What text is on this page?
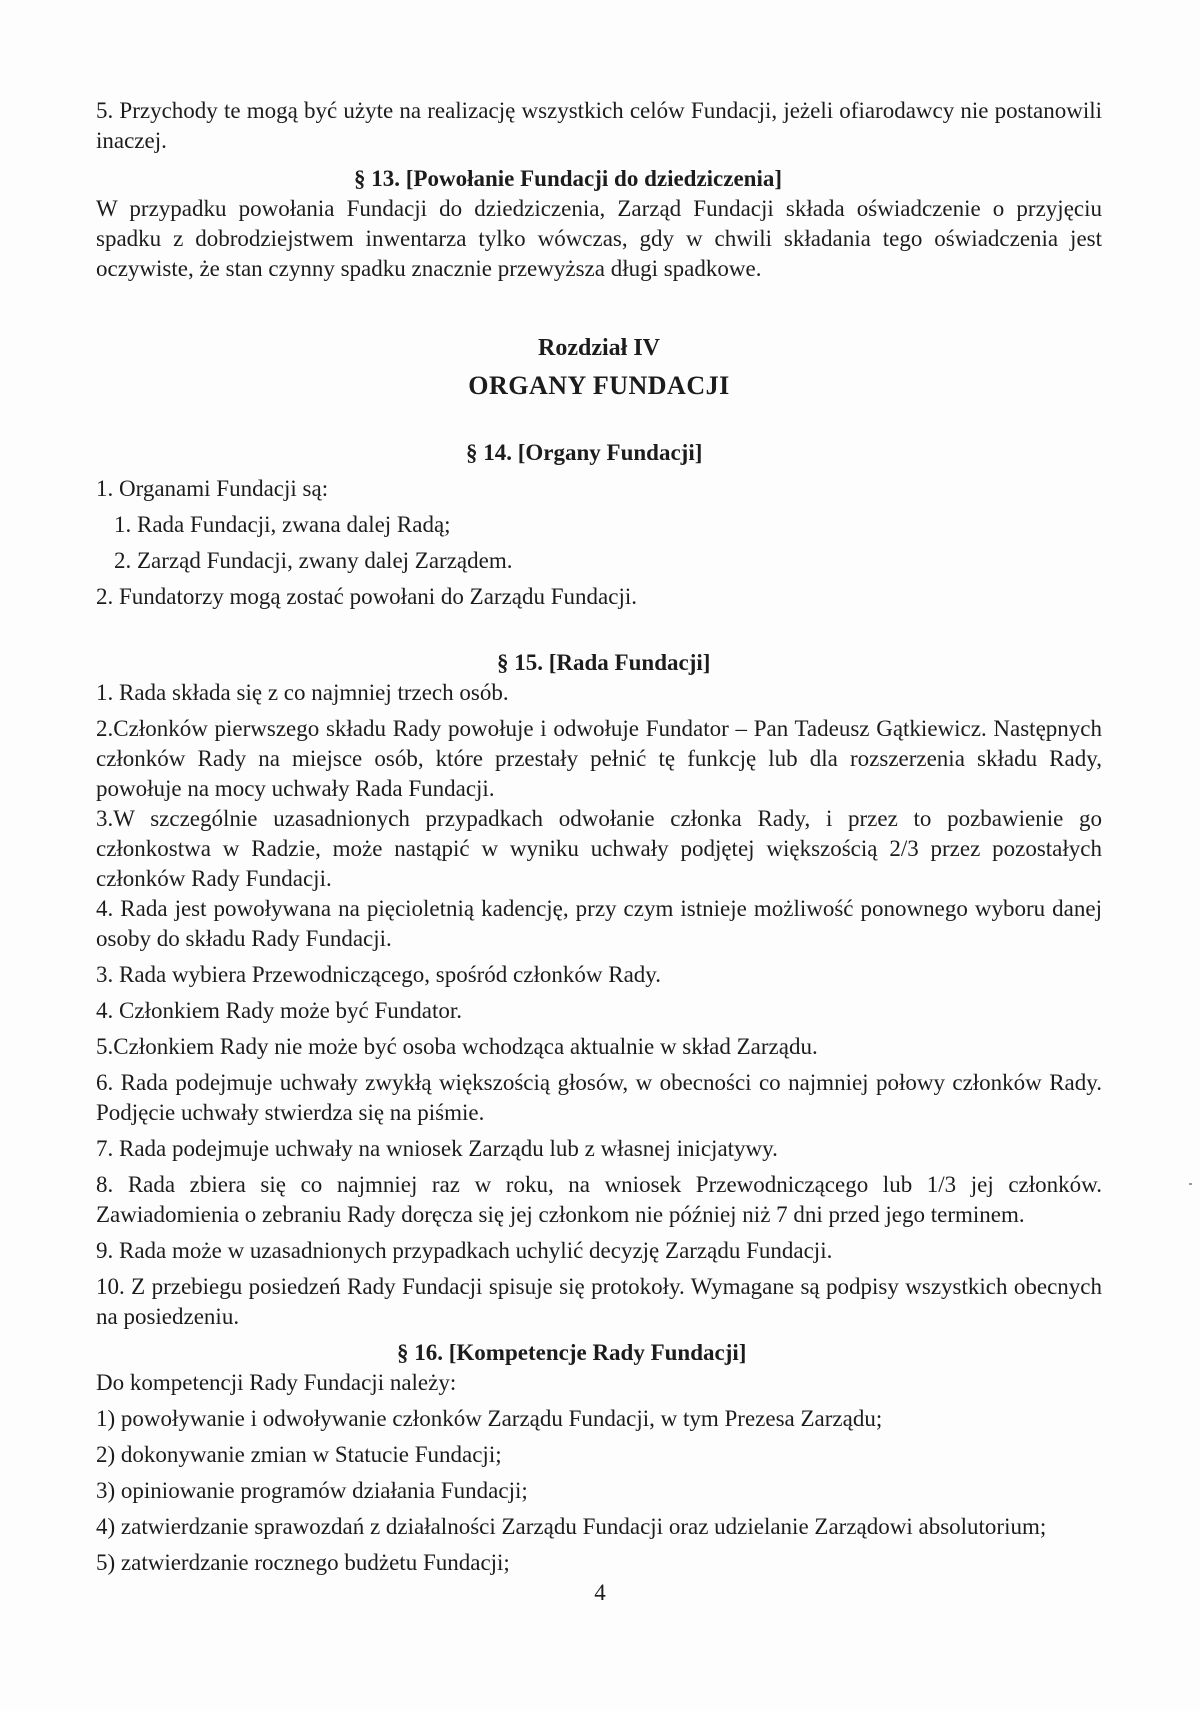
5. Przychody te mogą być użyte na realizację wszystkich celów Fundacji, jeżeli ofiarodawcy nie postanowili inaczej.

§ 13. [Powołanie Fundacji do dziedziczenia]

W przypadku powołania Fundacji do dziedziczenia, Zarząd Fundacji składa oświadczenie o przyjęciu spadku z dobrodziejstwem inwentarza tylko wówczas, gdy w chwili składania tego oświadczenia jest oczywiste, że stan czynny spadku znacznie przewyższa długi spadkowe.

Rozdział IV
ORGANY FUNDACJI
§ 14. [Organy Fundacji]

1. Organami Fundacji są:

1. Rada Fundacji, zwana dalej Radą;

2. Zarząd Fundacji, zwany dalej Zarządem.

2. Fundatorzy mogą zostać powołani do Zarządu Fundacji.

§ 15. [Rada Fundacji]

1. Rada składa się z co najmniej trzech osób.

2.Członków pierwszego składu Rady powołuje i odwołuje Fundator – Pan Tadeusz Gątkiewicz. Następnych członków Rady na miejsce osób, które przestały pełnić tę funkcję lub dla rozszerzenia składu Rady, powołuje na mocy uchwały Rada Fundacji.

3.W szczególnie uzasadnionych przypadkach odwołanie członka Rady, i przez to pozbawienie go członkostwa w Radzie, może nastąpić w wyniku uchwały podjętej większością 2/3 przez pozostałych członków Rady Fundacji.

4. Rada jest powoływana na pięcioletnią kadencję, przy czym istnieje możliwość ponownego wyboru danej osoby do składu Rady Fundacji.

3. Rada wybiera Przewodniczącego, spośród członków Rady.

4. Członkiem Rady może być Fundator.

5.Członkiem Rady nie może być osoba wchodząca aktualnie w skład Zarządu.

6. Rada podejmuje uchwały zwykłą większością głosów, w obecności co najmniej połowy członków Rady. Podjęcie uchwały stwierdza się na piśmie.

7. Rada podejmuje uchwały na wniosek Zarządu lub z własnej inicjatywy.

8. Rada zbiera się co najmniej raz w roku, na wniosek Przewodniczącego lub 1/3 jej członków. Zawiadomienia o zebraniu Rady doręcza się jej członkom nie później niż 7 dni przed jego terminem.

9. Rada może w uzasadnionych przypadkach uchylić decyzję Zarządu Fundacji.

10. Z przebiegu posiedzeń Rady Fundacji spisuje się protokoły. Wymagane są podpisy wszystkich obecnych na posiedzeniu.

§ 16. [Kompetencje Rady Fundacji]

Do kompetencji Rady Fundacji należy:

1) powoływanie i odwoływanie członków Zarządu Fundacji, w tym Prezesa Zarządu;

2) dokonywanie zmian w Statucie Fundacji;

3) opiniowanie programów działania Fundacji;

4) zatwierdzanie sprawozdań z działalności Zarządu Fundacji oraz udzielanie Zarządowi absolutorium;

5) zatwierdzanie rocznego budżetu Fundacji;

4
